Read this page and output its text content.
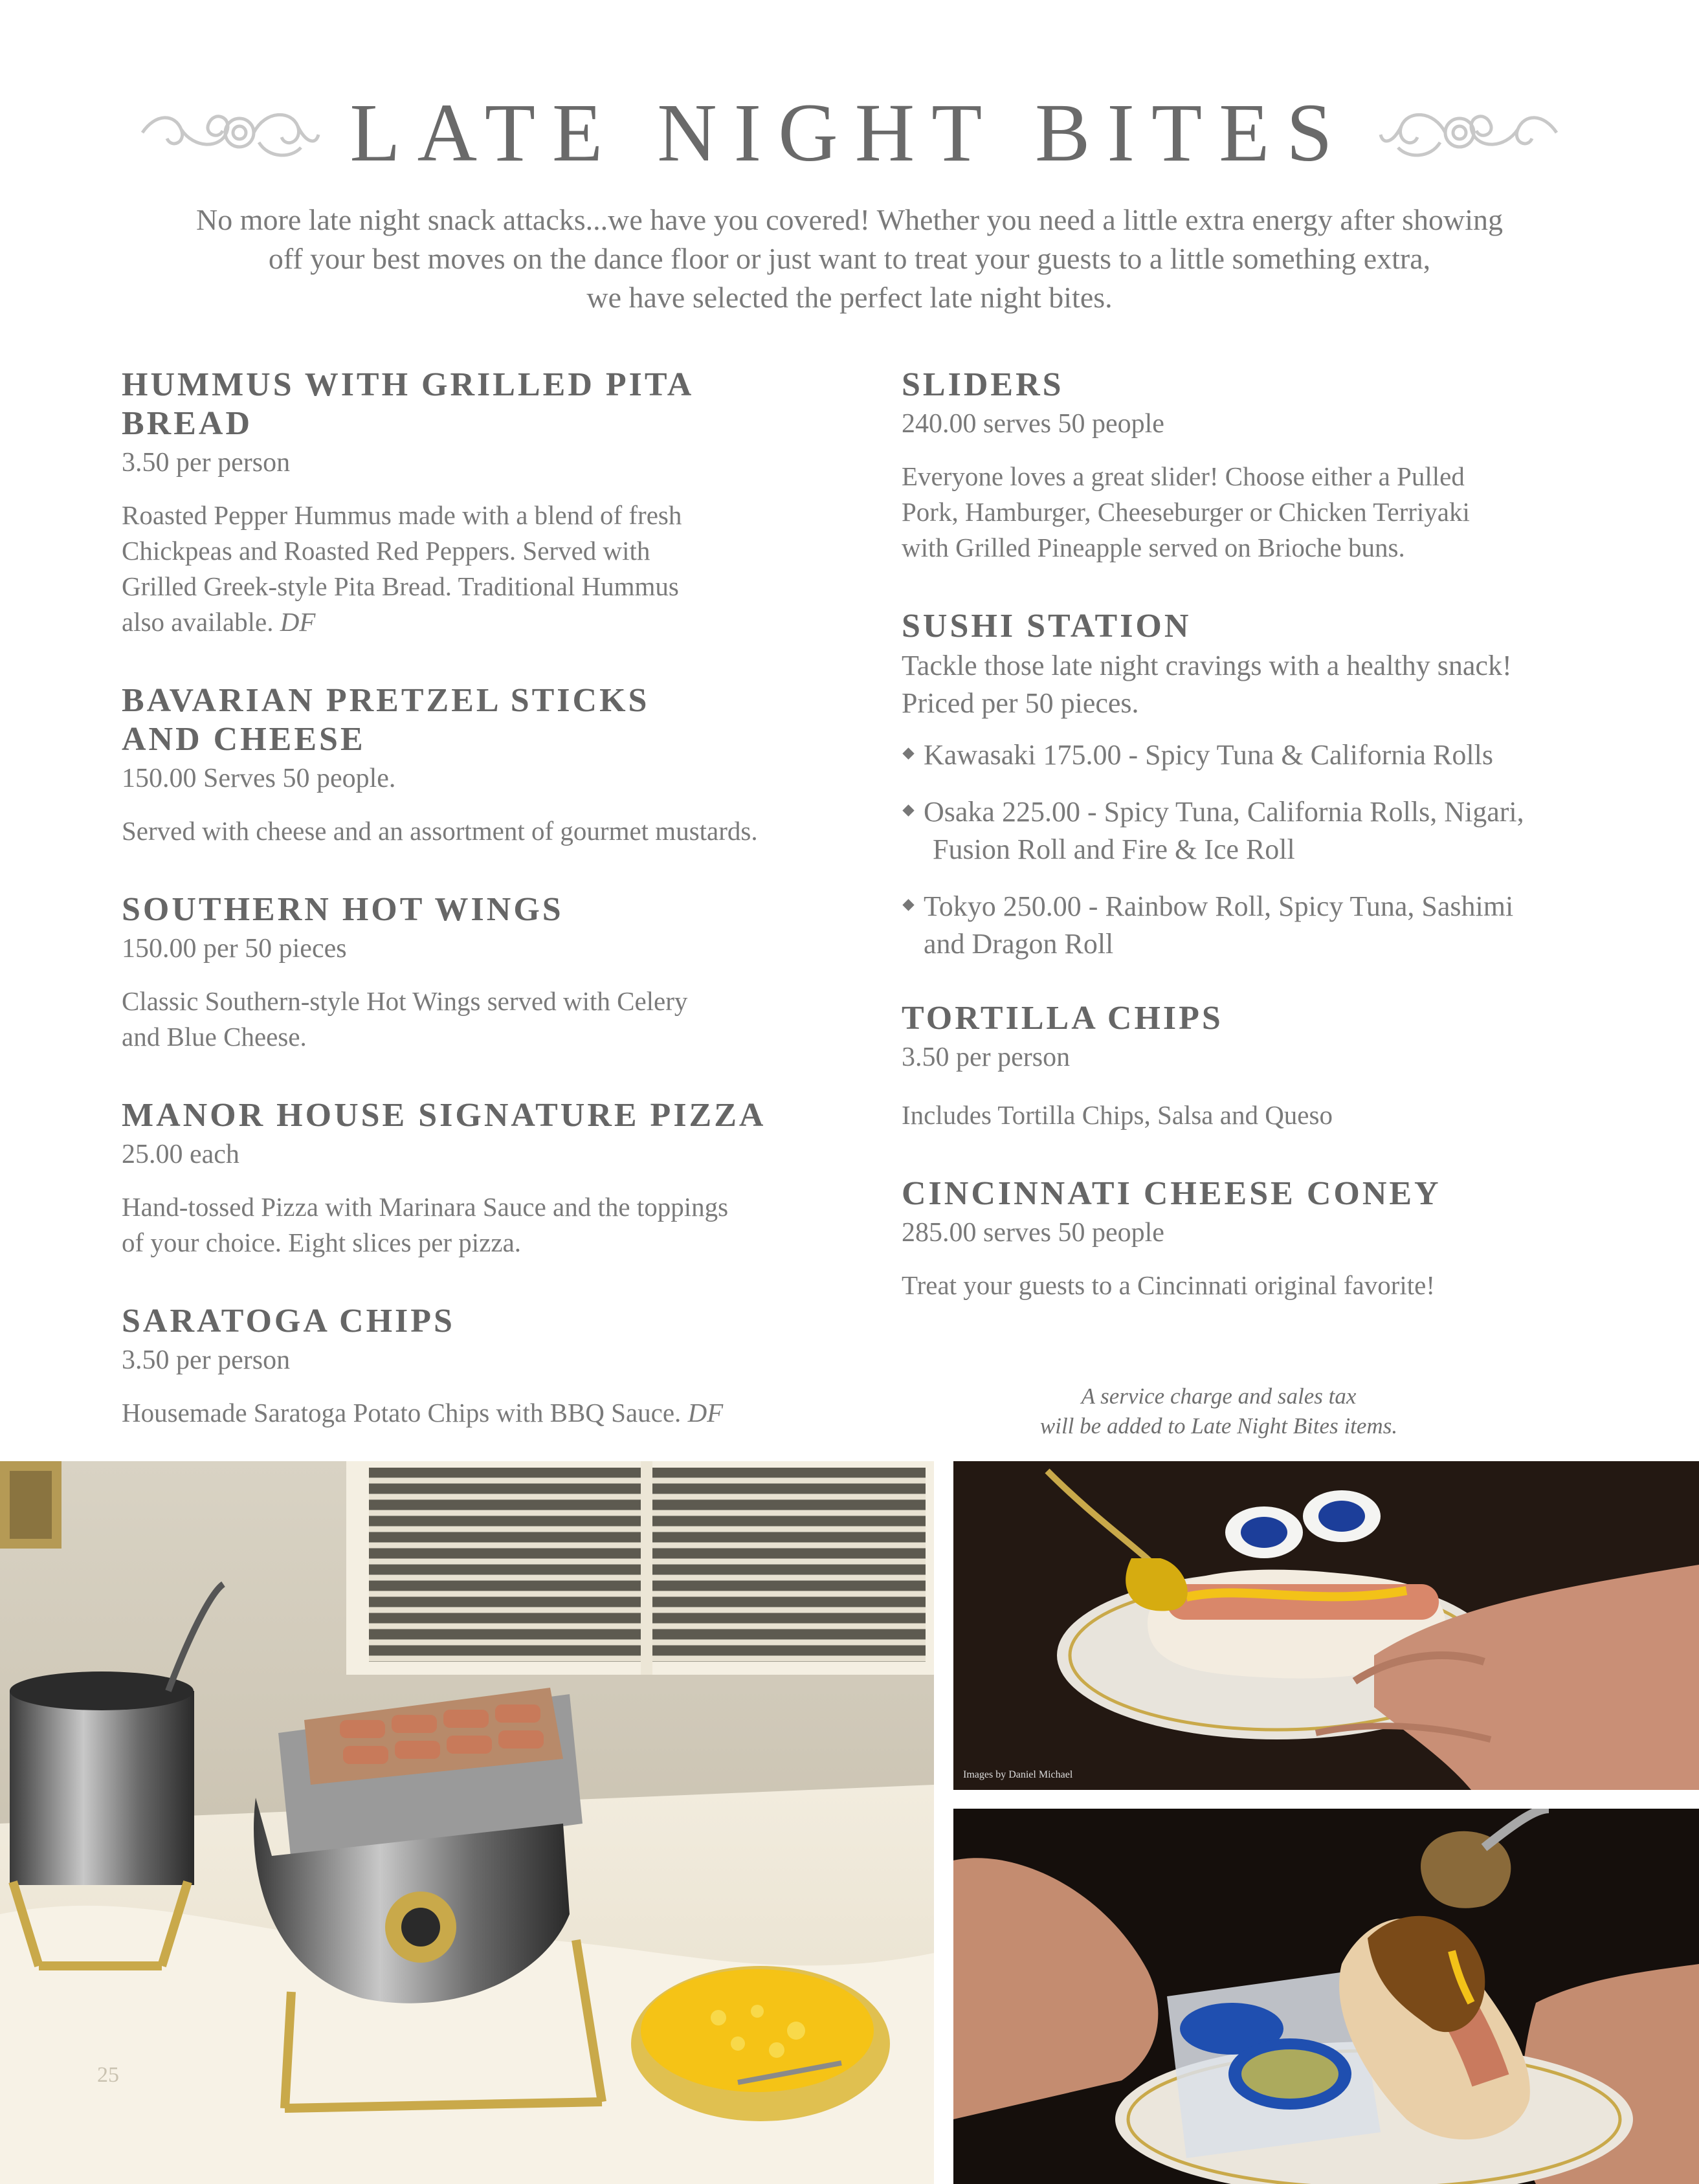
LATE NIGHT BITES

No more late night snack attacks...we have you covered! Whether you need a little extra energy after showing

off your best moves on the dance floor or just want to treat your guests to a little something extra,

we have selected the perfect late night bites.

HUMMUS WITH GRILLED PITA BREAD
3.50 per person

Roasted Pepper Hummus made with a blend of fresh
Chickpeas and Roasted Red Peppers. Served with
Grilled Greek-style Pita Bread. Traditional Hummus
also available. DF

BAVARIAN PRETZEL STICKS
AND CHEESE
150.00 Serves 50 people.

Served with cheese and an assortment of gourmet mustards.

SOUTHERN HOT WINGS
150.00 per 50 pieces

Classic Southern-style Hot Wings served with Celery
and Blue Cheese.

MANOR HOUSE SIGNATURE PIZZA
25.00 each

Hand-tossed Pizza with Marinara Sauce and the toppings
of your choice. Eight slices per pizza.

SARATOGA CHIPS
3.50 per person

Housemade Saratoga Potato Chips with BBQ Sauce. DF

SLIDERS
240.00 serves 50 people

Everyone loves a great slider! Choose either a Pulled
Pork, Hamburger, Cheeseburger or Chicken Terriyaki
with Grilled Pineapple served on Brioche buns.

SUSHI STATION
Tackle those late night cravings with a healthy snack!
Priced per 50 pieces.
Kawasaki 175.00 - Spicy Tuna & California Rolls
Osaka 225.00 - Spicy Tuna, California Rolls, Nigari,
Fusion Roll and Fire & Ice Roll
Tokyo 250.00 - Rainbow Roll, Spicy Tuna, Sashimi
and Dragon Roll
TORTILLA CHIPS
3.50 per person

Includes Tortilla Chips, Salsa and Queso

CINCINNATI CHEESE CONEY
285.00 serves 50 people

Treat your guests to a Cincinnati original favorite!

A service charge and sales tax
will be added to Late Night Bites items.
Images by Daniel Michael
25
